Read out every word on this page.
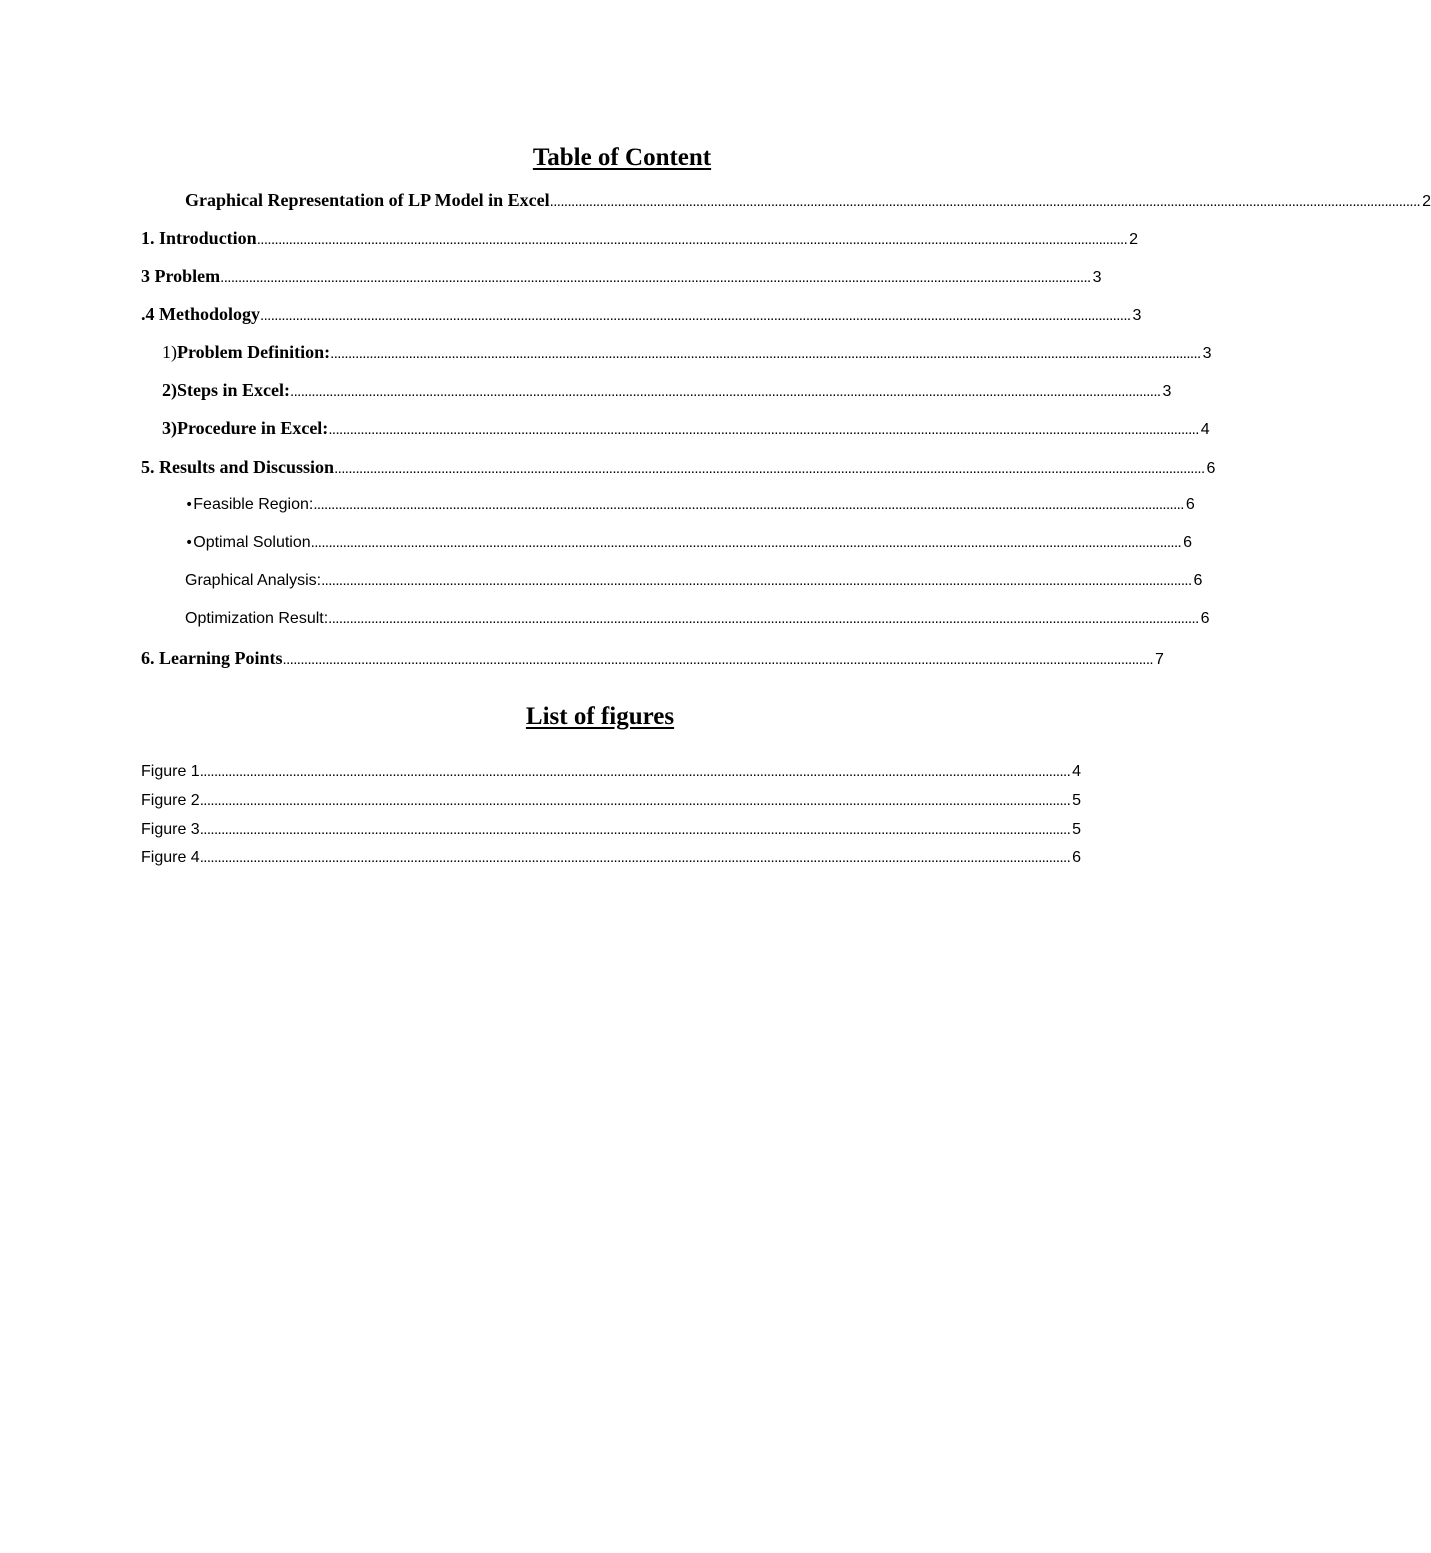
Table of Content
Graphical Representation of LP Model in Excel .................................................................................................................................................................................................................................................... 2
1. Introduction .................................................................................................................................................................................................................................................... 2
3 Problem .................................................................................................................................................................................................................................................... 3
.4 Methodology .................................................................................................................................................................................................................................................... 3
1) Problem Definition: .................................................................................................................................................................................................................................................... 3
2) Steps in Excel: .................................................................................................................................................................................................................................................... 3
3) Procedure in Excel: .................................................................................................................................................................................................................................................... 4
5. Results and Discussion .................................................................................................................................................................................................................................................... 6
• Feasible Region: .................................................................................................................................................................................................................................................... 6
• Optimal Solution .................................................................................................................................................................................................................................................... 6
Graphical Analysis: .................................................................................................................................................................................................................................................... 6
Optimization Result: .................................................................................................................................................................................................................................................... 6
6. Learning Points .................................................................................................................................................................................................................................................... 7
List of figures
Figure 1 .................................................................................................................................................................................................................................................... 4
Figure 2 .................................................................................................................................................................................................................................................... 5
Figure 3 .................................................................................................................................................................................................................................................... 5
Figure 4 .................................................................................................................................................................................................................................................... 6
